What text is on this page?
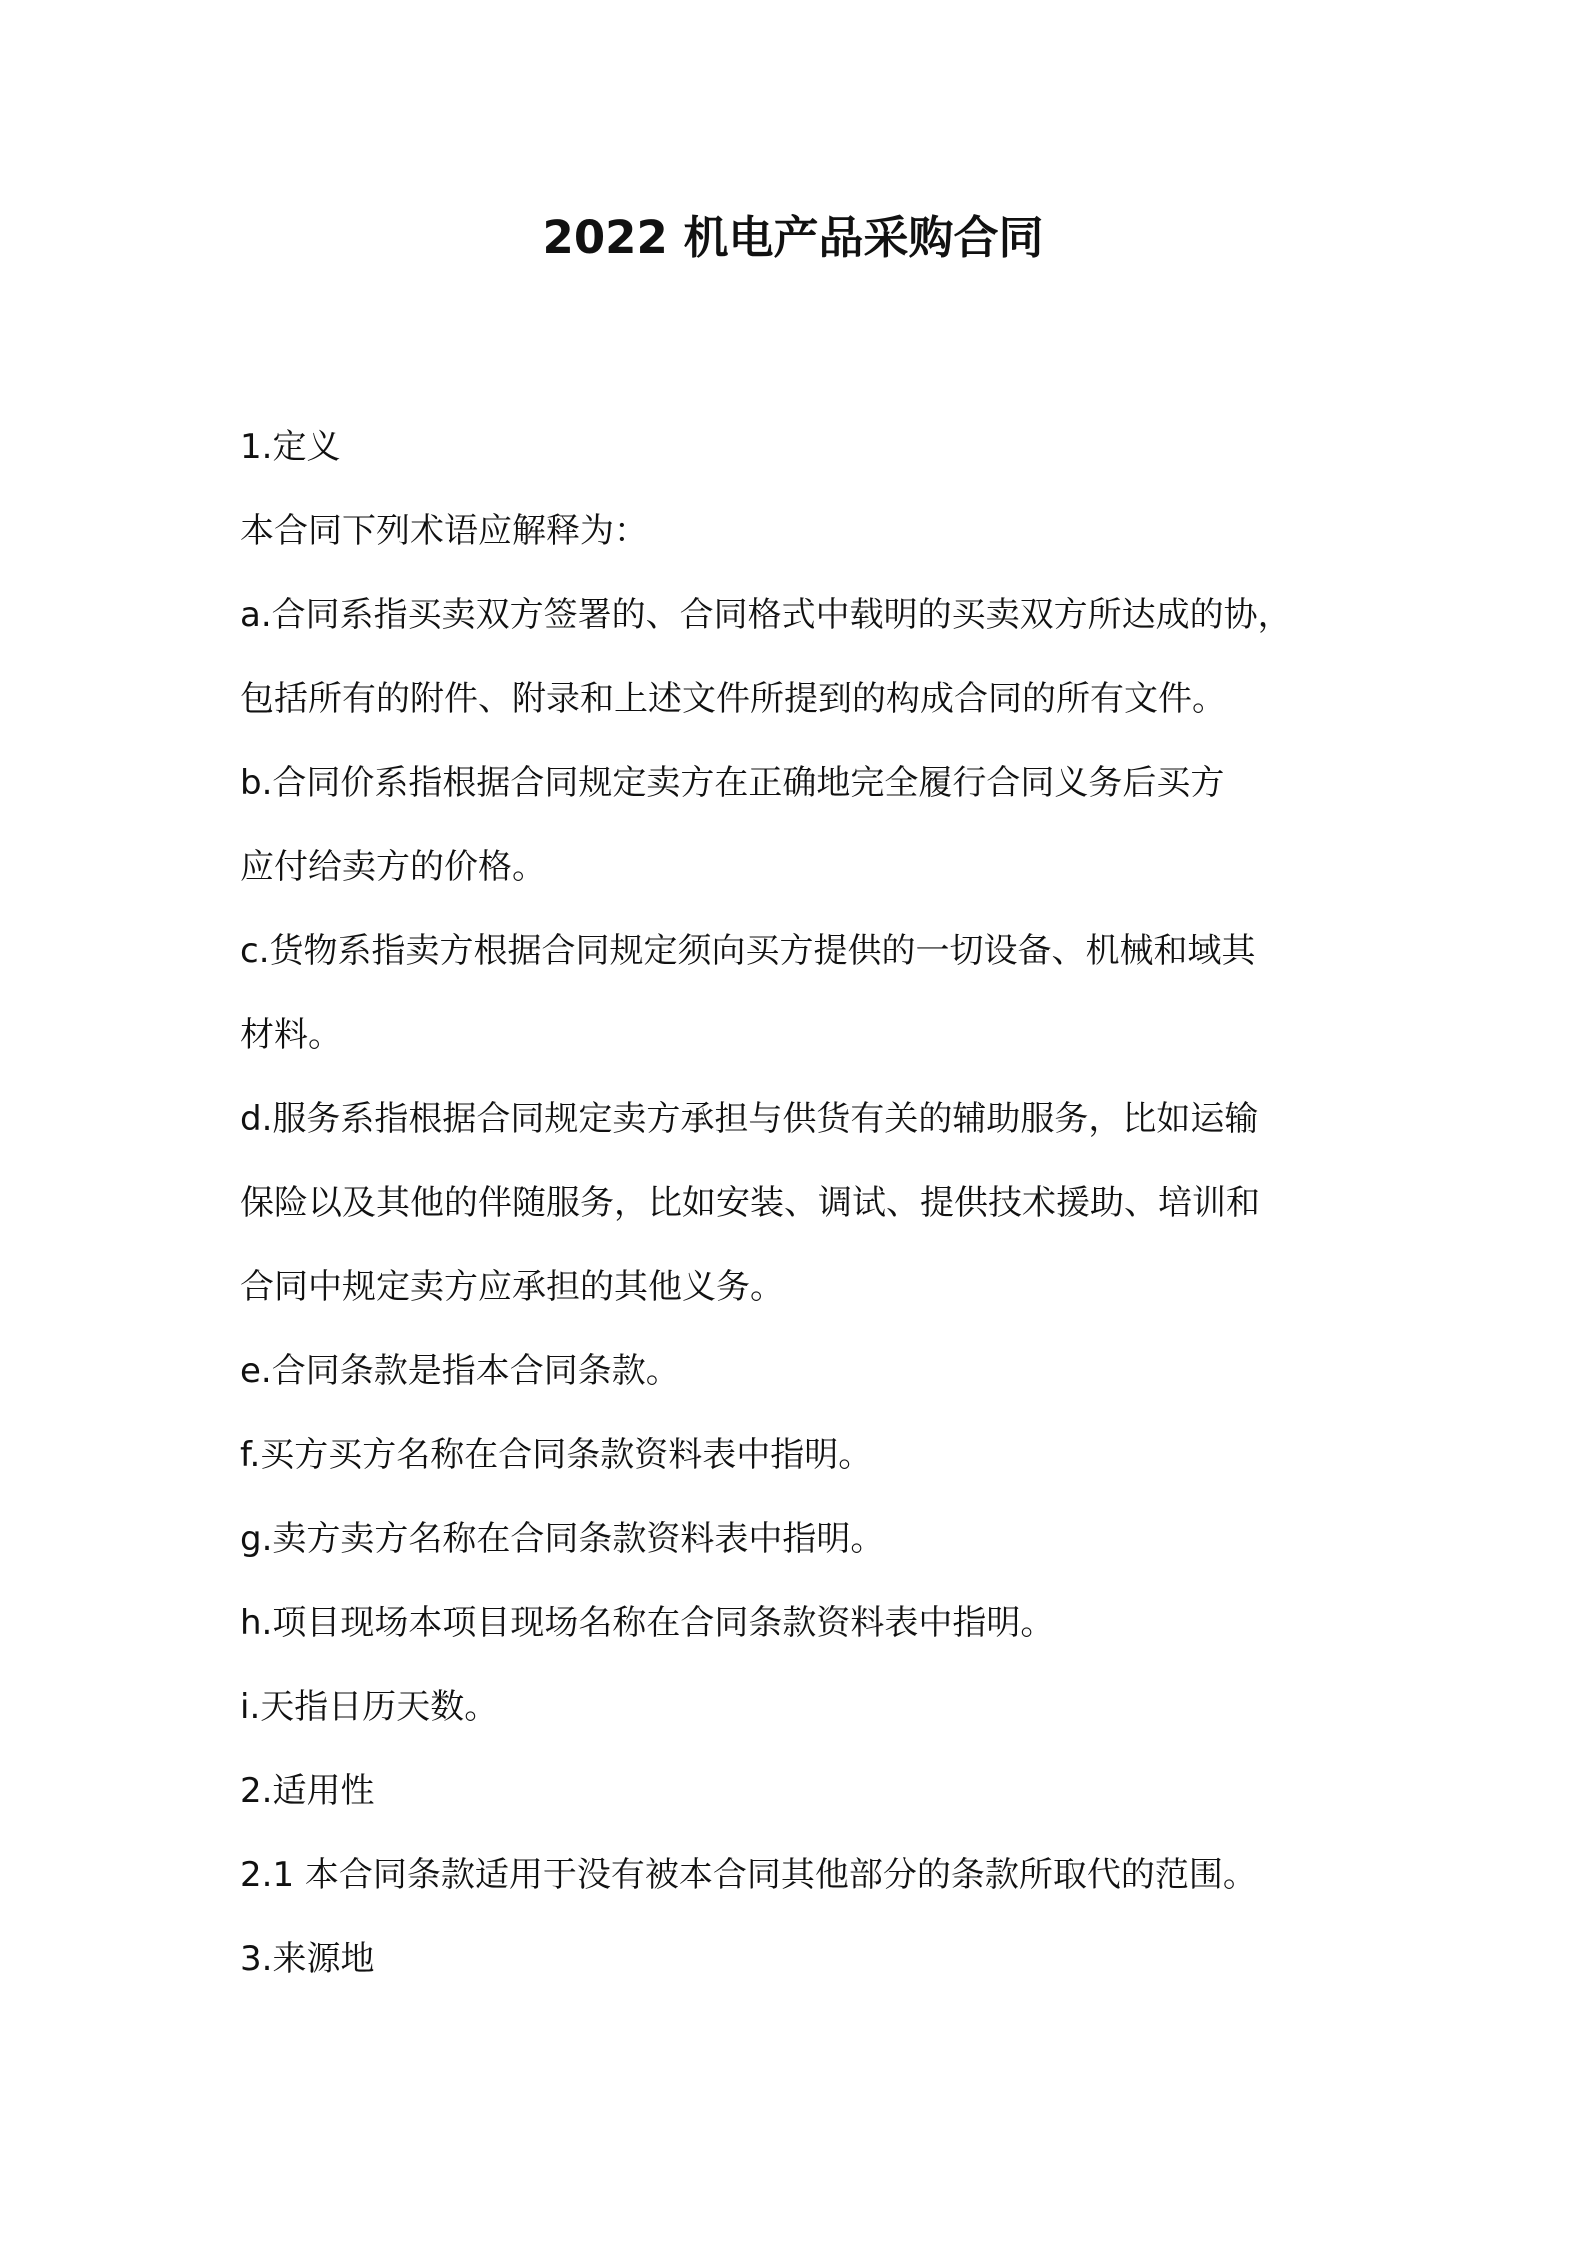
2022 机电产品采购合同
1.定义
本合同下列术语应解释为：
a.合同系指买卖双方签署的、合同格式中载明的买卖双方所达成的协，
包括所有的附件、附录和上述文件所提到的构成合同的所有文件。
b.合同价系指根据合同规定卖方在正确地完全履行合同义务后买方
应付给卖方的价格。
c.货物系指卖方根据合同规定须向买方提供的一切设备、机械和域其
材料。
d.服务系指根据合同规定卖方承担与供货有关的辅助服务，比如运输
保险以及其他的伴随服务，比如安装、调试、提供技术援助、培训和
合同中规定卖方应承担的其他义务。
e.合同条款是指本合同条款。
f.买方买方名称在合同条款资料表中指明。
g.卖方卖方名称在合同条款资料表中指明。
h.项目现场本项目现场名称在合同条款资料表中指明。
i.天指日历天数。
2.适用性
2.1 本合同条款适用于没有被本合同其他部分的条款所取代的范围。
3.来源地
